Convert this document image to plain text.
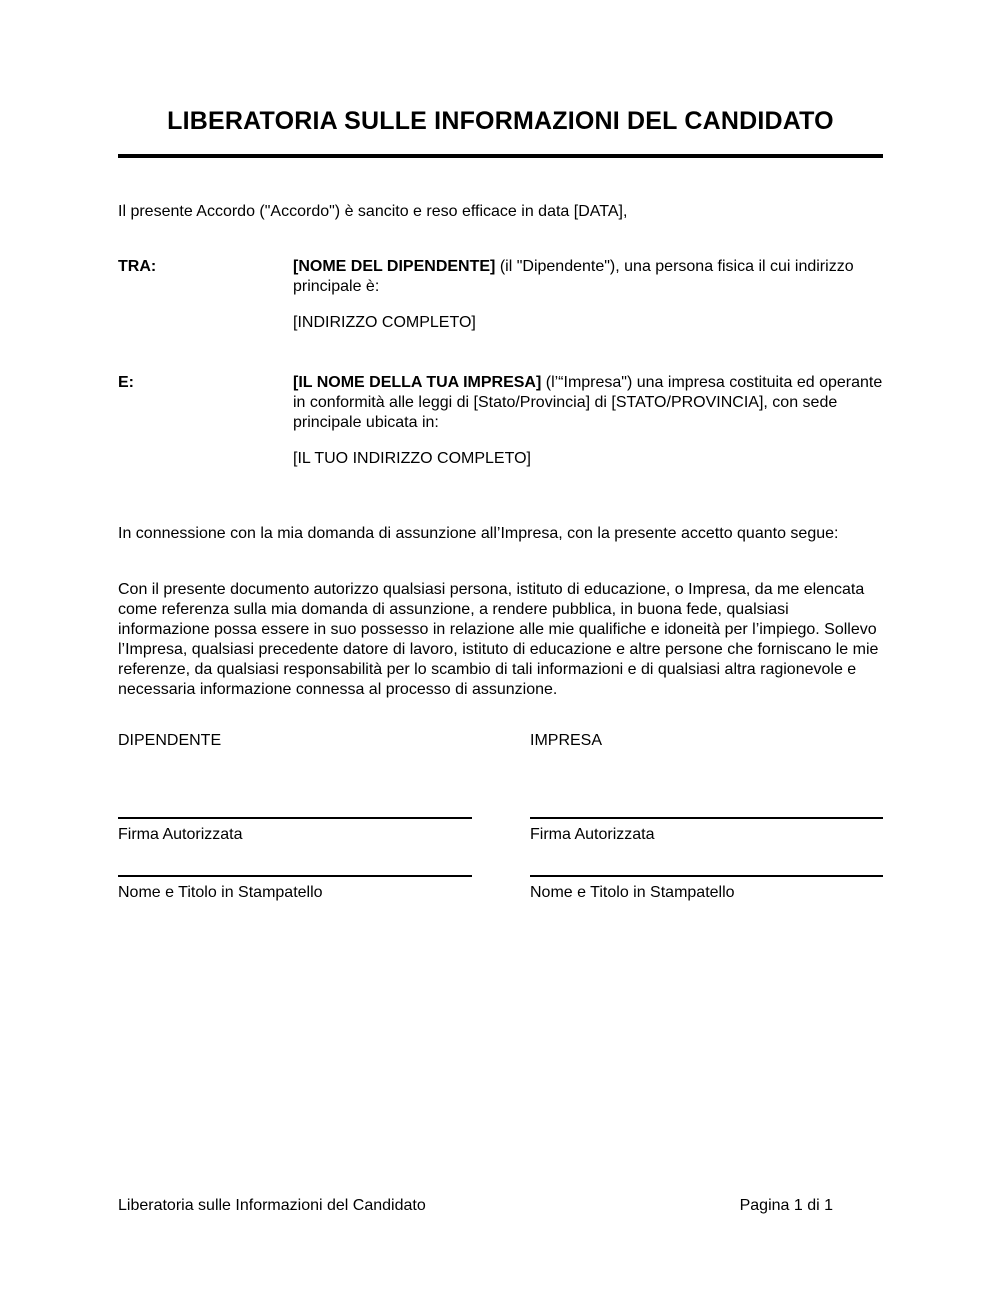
LIBERATORIA SULLE INFORMAZIONI DEL CANDIDATO

Il presente Accordo ("Accordo") è sancito e reso efficace in data [DATA],

TRA:	[NOME DEL DIPENDENTE] (il "Dipendente"), una persona fisica il cui indirizzo principale è:
[INDIRIZZO COMPLETO]
E:	[IL NOME DELLA TUA IMPRESA] (l’“Impresa") una impresa costituita ed operante in conformità alle leggi di [Stato/Provincia] di [STATO/PROVINCIA], con sede principale ubicata in:
[IL TUO INDIRIZZO COMPLETO]

In connessione con la mia domanda di assunzione all’Impresa, con la presente accetto quanto segue:

Con il presente documento autorizzo qualsiasi persona, istituto di educazione, o Impresa, da me elencata come referenza sulla mia domanda di assunzione, a rendere pubblica, in buona fede, qualsiasi informazione possa essere in suo possesso in relazione alle mie qualifiche e idoneità per l’impiego. Sollevo l’Impresa, qualsiasi precedente datore di lavoro, istituto di educazione e altre persone che forniscano le mie referenze, da qualsiasi responsabilità per lo scambio di tali informazioni e di qualsiasi altra ragionevole e necessaria informazione connessa al processo di assunzione.

DIPENDENTE
Firma Autorizzata
Nome e Titolo in Stampatello
IMPRESA
Firma Autorizzata
Nome e Titolo in Stampatello
Liberatoria sulle Informazioni del Candidato	Pagina 1 di 1
